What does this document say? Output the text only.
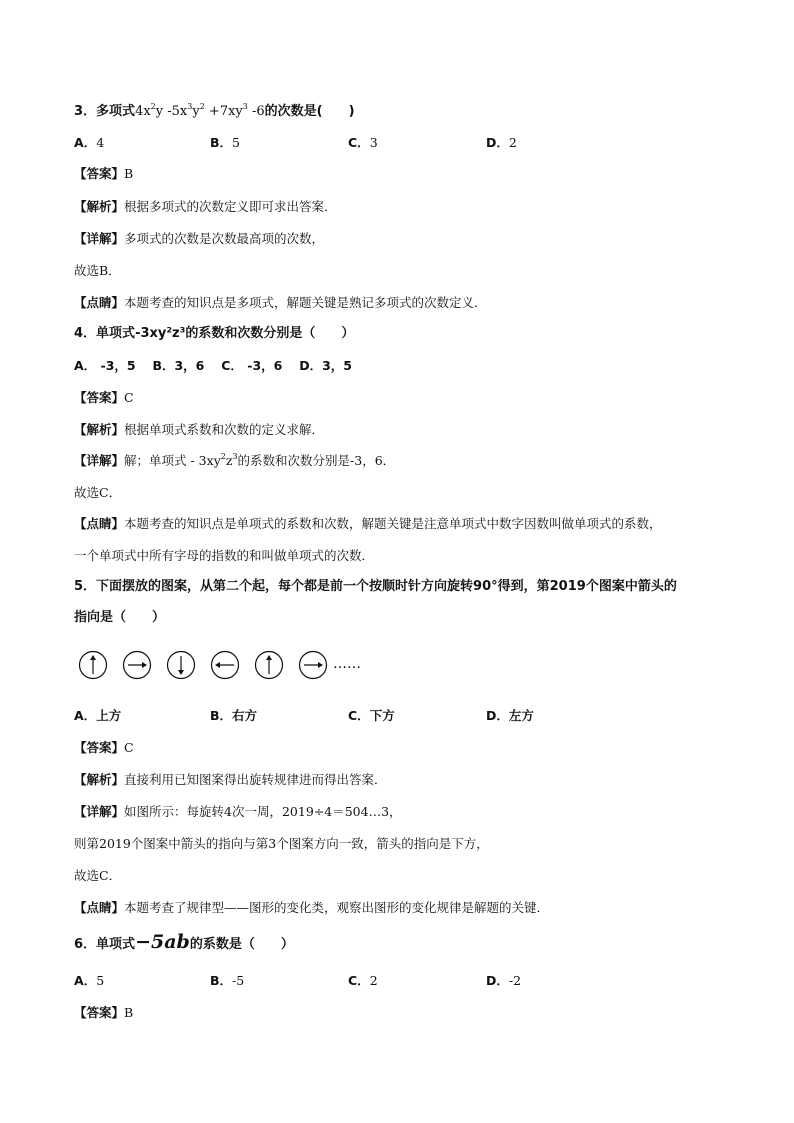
3．多项式$4x^2y$ $-5x^3y^2 +7xy^3$ -6的次数是(　　)
A．4	B．5	C．3	D．2
【答案】B
【解析】根据多项式的次数定义即可求出答案．
【详解】多项式的次数是次数最高项的次数，
故选B．
【点睛】本题考查的知识点是多项式，解题关键是熟记多项式的次数定义．
4．单项式-3xy²z³的系数和次数分别是（　　）
A． -3，5　 B．3，6　 C． -3，6　 D．3，5
【答案】C
【解析】根据单项式系数和次数的定义求解．
【详解】解；单项式 - $3xy^2z^3$的系数和次数分别是-3，6．
故选C．
【点睛】本题考查的知识点是单项式的系数和次数，解题关键是注意单项式中数字因数叫做单项式的系数，
一个单项式中所有字母的指数的和叫做单项式的次数．
5．下面摆放的图案，从第二个起，每个都是前一个按顺时针方向旋转90°得到，第2019个图案中箭头的
指向是（　　）
……
A．上方	B．右方	C．下方	D．左方
【答案】C
【解析】直接利用已知图案得出旋转规律进而得出答案．
【详解】如图所示：每旋转4次一周，2019÷4＝504…3，
则第2019个图案中箭头的指向与第3个图案方向一致，箭头的指向是下方，
故选C．
【点睛】本题考查了规律型——图形的变化类，观察出图形的变化规律是解题的关键．
6．单项式−5ab的系数是（　　）
A．5	B．-5	C．2	D．-2
【答案】B
